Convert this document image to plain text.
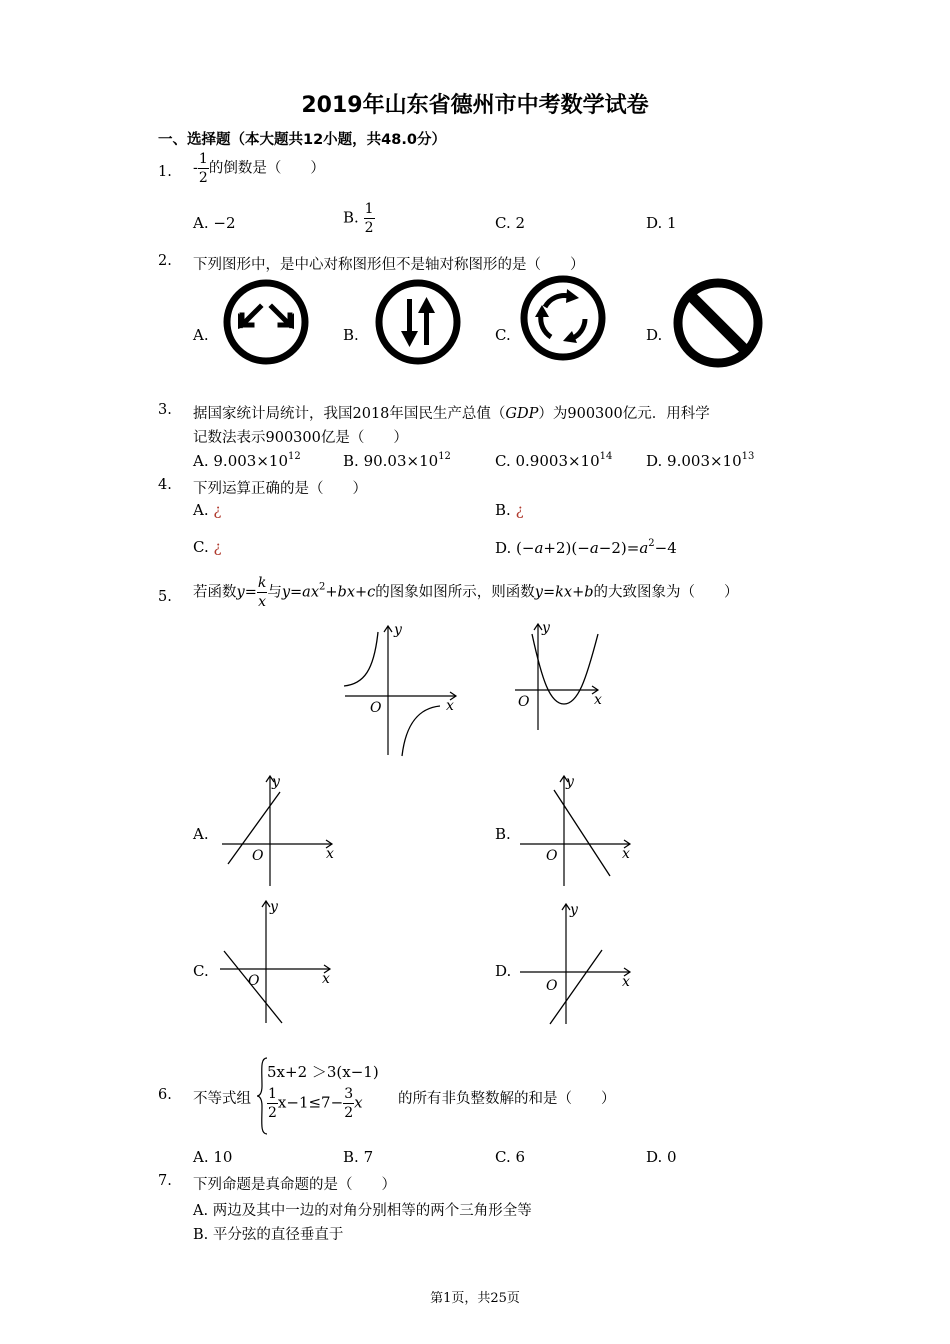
2019年山东省德州市中考数学试卷
一、选择题（本大题共12小题，共48.0分）
1. - $\frac{1}{2}$ 的倒数是（　　）
A. −2	B. $\frac{1}{2}$	C. 2	D. 1
2. 下列图形中，是中心对称图形但不是轴对称图形的是（　　）
A.	B.	C.	D.
3. 据国家统计局统计，我国2018年国民生产总值（GDP）为900300亿元．用科学
记数法表示900300亿是（　　）
A. $9.003\times 10^{12}$	B. $90.03\times 10^{12}$	C. $0.9003\times 10^{14}$ D. $9.003\times 10^{13}$
4. 下列运算正确的是（　　）
A. ¿	B. ¿
C. ¿	D. $(-a+2)(-a-2)=a^2-4$
5. 若函数$y= \frac{k}{x}$ 与$y=ax^2+bx+c$的图象如图所示，则函数y=kx+b的大致图象为（　　）
y
x
O
y
x
O
A.
y
x
O
B.
y
x
O
C.
y
x
O
D.
y
x
O
6. 不等式组
5x+2 ＞3(x−1)
$\frac{1}{2} x-1\le 7- \frac{3}{2}$ x 的所有非负整数解的和是（　　）
A. 10	B. 7	C. 6	D. 0
7. 下列命题是真命题的是（　　）
A. 两边及其中一边的对角分别相等的两个三角形全等
B. 平分弦的直径垂直于
第1页，共25页
